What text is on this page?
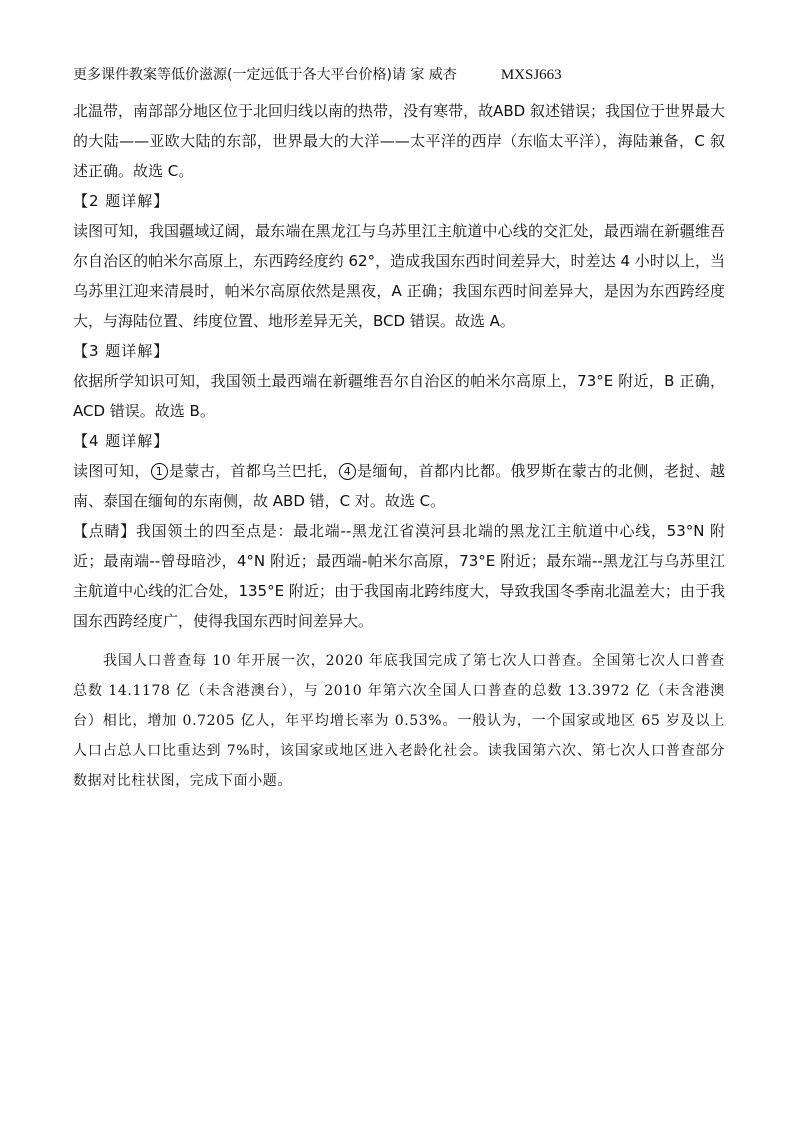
更多课件教案等低价滋源(一定远低于各大平台价格)请 家 威杏	MXSJ663

北温带，南部部分地区位于北回归线以南的热带，没有寒带，故ABD 叙述错误；我国位于世界最大的大陆——亚欧大陆的东部，世界最大的大洋——太平洋的西岸（东临太平洋），海陆兼备，C 叙述正确。故选 C。

【2 题详解】

读图可知，我国疆域辽阔，最东端在黑龙江与乌苏里江主航道中心线的交汇处，最西端在新疆维吾尔自治区的帕米尔高原上，东西跨经度约 62°，造成我国东西时间差异大，时差达 4 小时以上，当乌苏里江迎来清晨时，帕米尔高原依然是黑夜，A 正确；我国东西时间差异大，是因为东西跨经度大，与海陆位置、纬度位置、地形差异无关，BCD 错误。故选 A。

【3 题详解】

依据所学知识可知，我国领土最西端在新疆维吾尔自治区的帕米尔高原上，73°E 附近，B 正确，ACD 错误。故选 B。

【4 题详解】

读图可知， 1 是蒙古，首都乌兰巴托， 4 是缅甸，首都内比都。俄罗斯在蒙古的北侧，老挝、越南、泰国在缅甸的东南侧，故 ABD 错，C 对。故选 C。

【点睛】我国领土的四至点是：最北端--黑龙江省漠河县北端的黑龙江主航道中心线，53°N 附近；最南端--曾母暗沙，4°N 附近；最西端-帕米尔高原，73°E 附近；最东端--黑龙江与乌苏里江主航道中心线的汇合处，135°E 附近；由于我国南北跨纬度大，导致我国冬季南北温差大；由于我国东西跨经度广，使得我国东西时间差异大。

我国人口普查每 10 年开展一次，2020 年底我国完成了第七次人口普查。全国第七次人口普查总数 14.1178 亿（未含港澳台），与 2010 年第六次全国人口普查的总数 13.3972 亿（未含港澳台）相比，增加 0.7205 亿人，年平均增长率为 0.53%。一般认为，一个国家或地区 65 岁及以上人口占总人口比重达到 7%时，该国家或地区进入老龄化社会。读我国第六次、第七次人口普查部分数据对比柱状图，完成下面小题。
